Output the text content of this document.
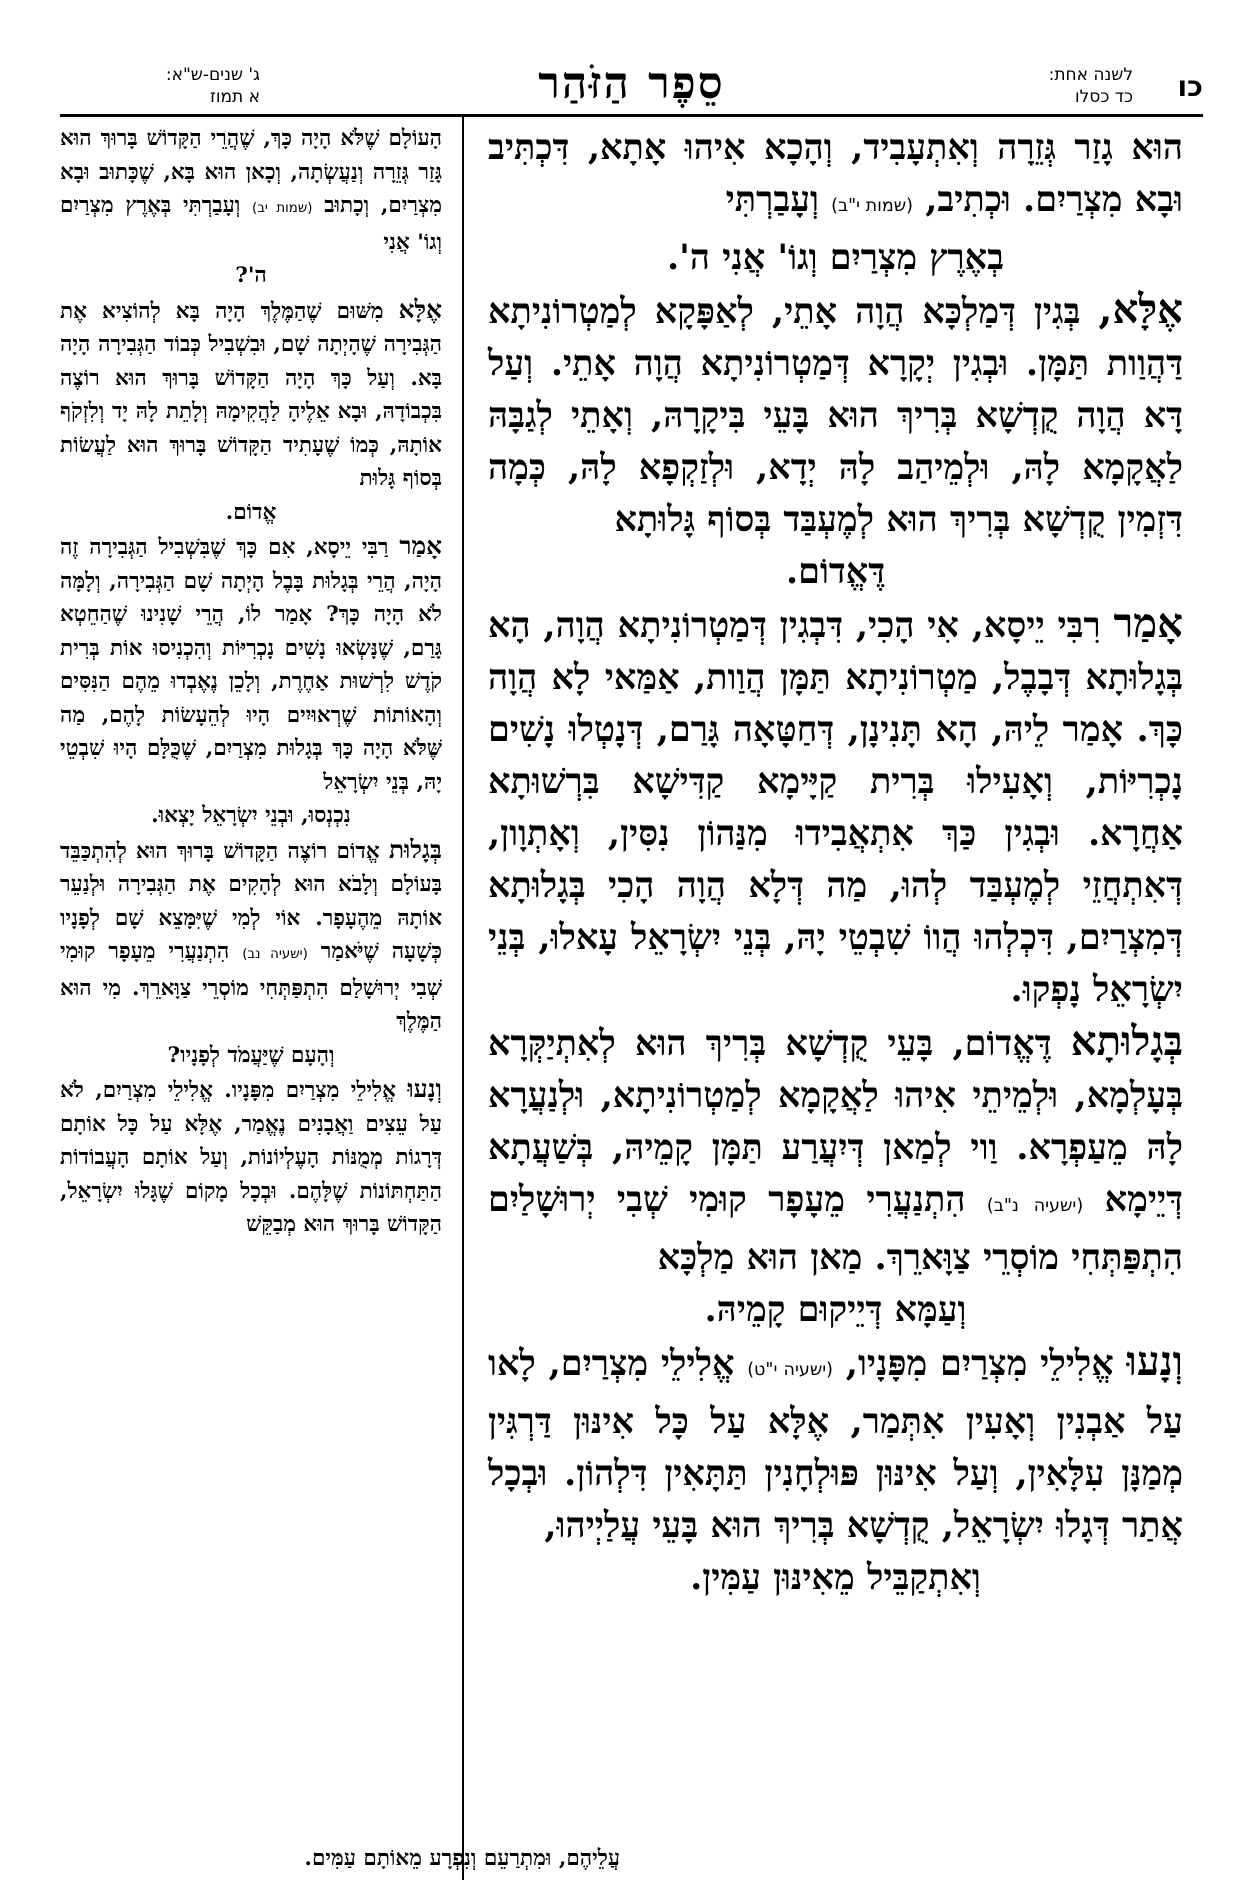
כו
לשנה אחת:
כד כסלו
סֵפֶר הַזֹּהַר
ג' שנים-ש"א:
א תמוז

הוּא גָזַר גְּזֵרָה וְאִתְעָבִיד, וְהָכָא אִיהוּ אָתָא, דִּכְתִּיב וּבָא מִצְרַיִם. וּכְתִיב, (שמות י"ב) וְעָבַרְתִּי

בְאֶרֶץ מִצְרַיִם וְגוֹ' אֲנִי ה'.

אֶלָּא, בְּגִין דְּמַלְכָּא הֲוָה אָתֵי, לְאַפָּקָא לְמַטְרוֹנִיתָא דַּהֲוַות תַּמָּן. וּבְגִין יְקָרָא דְּמַטְרוֹנִיתָא הֲוָה אָתֵי. וְעַל דָּא הֲוָה קֻדְשָׁא בְּרִיךְ הוּא בָּעֵי בִּיקָרָהּ, וְאָתֵי לְגַבָּהּ לַאֲקָמָא לָהּ, וּלְמֵיהַב לָהּ יְדָא, וּלְזַקְפָא לָהּ, כְּמָה דִּזְמִין קֻדְשָׁא בְּרִיךְ הוּא לְמֶעְבַּד בְּסוֹף גָּלוּתָא

דֶּאֱדוֹם.

אָמַר רִבִּי יֵיסָא, אִי הָכִי, דִּבְגִין דְּמַטְרוֹנִיתָא הֲוָה, הָא בְּגָלוּתָא דְּבָבֶל, מַטְרוֹנִיתָא תַּמָּן הֲוַות, אַמַּאי לָא הֲוָה כָּךְ. אָמַר לֵיהּ, הָא תָּנִינָן, דְּחַטָּאָה גָּרַם, דְּנָטְלוּ נָשִׁים נָכְרִיּוֹת, וְאָעִילוּ בְּרִית קַיָּימָא קַדִּישָׁא בִּרְשׁוּתָא אַחֲרָא. וּבְגִין כַּךְ אִתְאֲבִידוּ מִנַּהוֹן נִסִּין, וְאָתְוָון, דְּאִתְחֲזֵי לְמֶעְבַּד לְהוּ, מַה דְּלָא הֲוָה הָכִי בְּגָלוּתָא דְּמִצְרַיִם, דִּכְלְהוּ הֲווֹ שִׁבְטֵי יָהּ, בְּנֵי יִשְׂרָאֵל עָאלוּ, בְּנֵי יִשְׂרָאֵל נָפְקוּ.

בְּגָלוּתָא דֶּאֱדוֹם, בָּעֵי קֻדְשָׁא בְּרִיךְ הוּא לְאִתְיַקְּרָא בְּעָלְמָא, וּלְמֵיתֵי אִיהוּ לַאֲקָמָא לְמַטְרוֹנִיתָא, וּלְנַעֲרָא לָהּ מֵעַפְרָא. וַוי לְמַאן דְּיִעֲרַע תַּמָּן קָמֵיהּ, בְּשַׁעֲתָא דְּיֵימָא (ישעיה נ"ב) הִתְנַעֲרִי מֵעָפָר קוּמִי שְׁבִי יְרוּשָׁלַיִם הִתְפַּתְּחִי מוֹסְרֵי צַוָּארֵךְ. מַאן הוּא מַלְכָּא

וְעַמָּא דְּיֵיקוּם קָמֵיהּ.

וְנָעוּ אֱלִילֵי מִצְרַיִם מִפָּנָיו, (ישעיה י"ט) אֱלִילֵי מִצְרַיִם, לָאו עַל אַבְנִין וְאָעִין אִתְּמַר, אֶלָּא עַל כָּל אִינּוּן דַּרְגִּין מְמַנָּן עִלָּאִין, וְעַל אִינּוּן פּוּלְחָנִין תַּתָּאִין דִּלְהוֹן. וּבְכָל אֲתַר דְּגָלוּ יִשְׂרָאֵל, קֻדְשָׁא בְּרִיךְ הוּא בָּעֵי עֲלַיְיהוּ,

וְאִתְקַבֵּיל מֵאִינּוּן עַמִּין.

הָעוֹלָם שֶׁלֹּא הָיָה כָּךְ, שֶׁהֲרֵי הַקָּדוֹשׁ בָּרוּךְ הוּא גָּזַר גְּזֵרָה וְנַעֲשְׂתָה, וְכָאן הוּא בָּא, שֶׁכָּתוּב וּבָא מִצְרַיִם, וְכָתוּב (שמות יב) וְעָבַרְתִּי בְּאֶרֶץ מִצְרַיִם וְגוֹ' אֲנִי

ה'?

אֶלָּא מִשּׁוּם שֶׁהַמֶּלֶךְ הָיָה בָּא לְהוֹצִיא אֶת הַגְּבִירָה שֶׁהָיְתָה שָׁם, וּבִשְׁבִיל כְּבוֹד הַגְּבִירָה הָיָה בָּא. וְעַל כָּךְ הָיָה הַקָּדוֹשׁ בָּרוּךְ הוּא רוֹצֶה בִּכְבוֹדָהּ, וּבָא אֵלֶיהָ לַהֲקִימָהּ וְלָתֵת לָהּ יָד וְלִזְקֹף אוֹתָהּ, כְּמוֹ שֶׁעָתִיד הַקָּדוֹשׁ בָּרוּךְ הוּא לַעֲשׂוֹת בְּסוֹף גָּלוּת

אֱדוֹם.

אָמַר רַבִּי יֵיסָא, אִם כָּךְ שֶׁבִּשְׁבִיל הַגְּבִירָה זֶה הָיָה, הֲרֵי בְּגָלוּת בָּבֶל הָיְתָה שָׁם הַגְּבִירָה, וְלָמָּה לֹא הָיָה כָּךְ? אָמַר לוֹ, הֲרֵי שָׁנִינוּ שֶׁהַחֵטְא גָּרַם, שֶׁנָּשְׂאוּ נָשִׁים נָכְרִיּוֹת וְהִכְנִיסוּ אוֹת בְּרִית קֹדֶשׁ לִרְשׁוּת אַחֶרֶת, וְלָכֵן נֶאֶבְדוּ מֵהֶם הַנִּסִּים וְהָאוֹתוֹת שֶׁרְאוּיִים הָיוּ לְהֵעָשׂוֹת לָהֶם, מַה שֶּׁלֹּא הָיָה כָּךְ בְּגָלוּת מִצְרַיִם, שֶׁכֻּלָּם הָיוּ שִׁבְטֵי יָהּ, בְּנֵי יִשְׂרָאֵל

נִכְנְסוּ, וּבְנֵי יִשְׂרָאֵל יָצְאוּ.

בְּגָלוּת אֱדוֹם רוֹצֶה הַקָּדוֹשׁ בָּרוּךְ הוּא לְהִתְכַּבֵּד בָּעוֹלָם וְלָבֹא הוּא לְהָקִים אֶת הַגְּבִירָה וּלְנַעֵר אוֹתָהּ מֵהֶעָפָר. אוֹי לְמִי שֶׁיִּמָּצֵא שָׁם לְפָנָיו כְּשָׁעָה שֶׁיֹּאמַר (ישעיה נב) הִתְנַעֲרִי מֵעָפָר קוּמִי שְׁבִי יְרוּשָׁלַם הִתְפַּתְּחִי מוֹסְרֵי צַוָּארֵךְ. מִי הוּא הַמֶּלֶךְ

וְהָעָם שֶׁיַּעֲמֹד לְפָנָיו?

וְנָעוּ אֱלִילֵי מִצְרַיִם מִפָּנָיו. אֱלִילֵי מִצְרַיִם, לֹא עַל עֵצִים וַאֲבָנִים נֶאֱמַר, אֶלָּא עַל כָּל אוֹתָם דְּרָגוֹת מְמֻנּוֹת הָעֶלְיוֹנוֹת, וְעַל אוֹתָם הָעֲבוֹדוֹת הַתַּחְתּוֹנוֹת שֶׁלָּהֶם. וּבְכָל מָקוֹם שֶׁגָּלוּ יִשְׂרָאֵל, הַקָּדוֹשׁ בָּרוּךְ הוּא מְבַקֵּשׁ

עֲלֵיהֶם, וּמִתְרַעֵם וְנִפְרָע מֵאוֹתָם עַמִּים.
